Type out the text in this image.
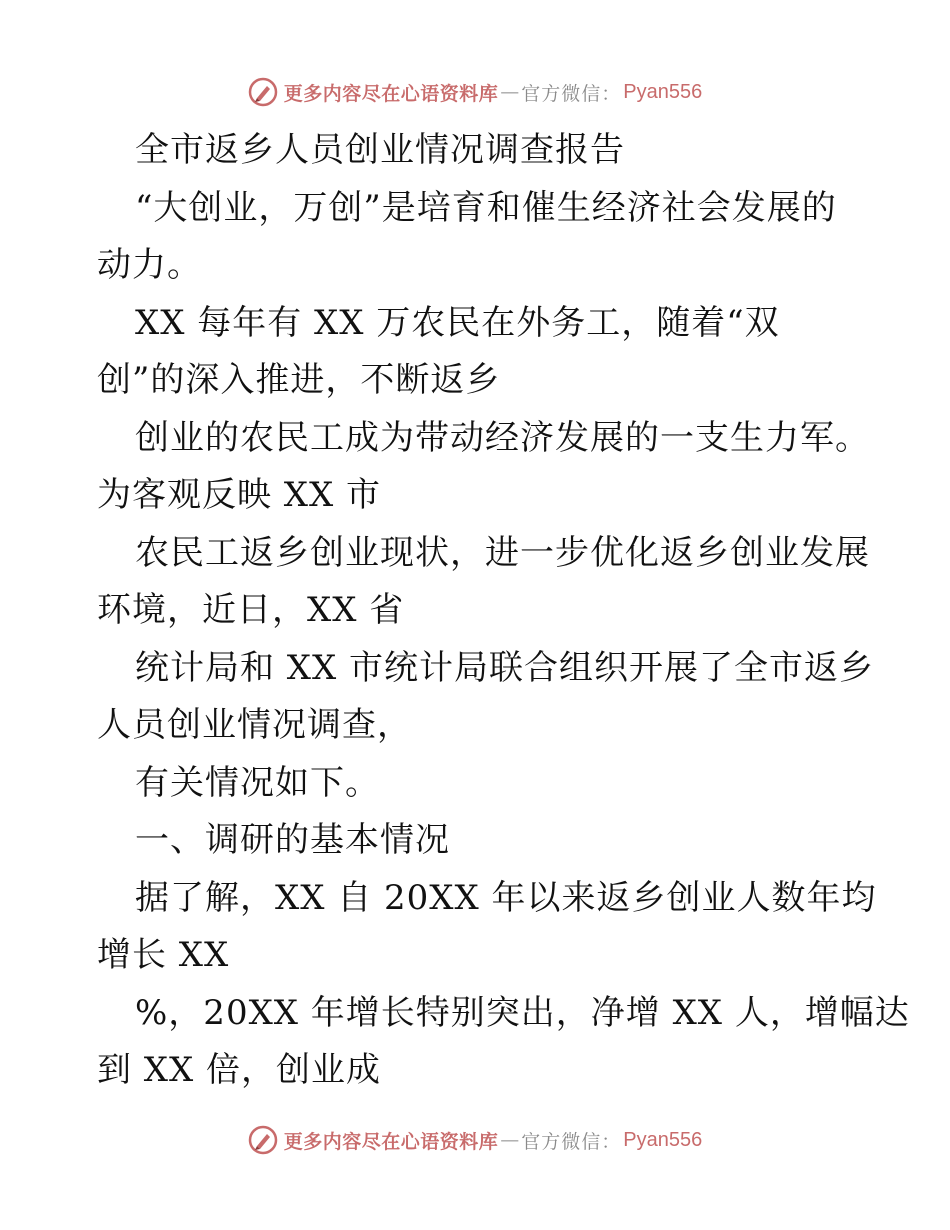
更多内容尽在心语资料库 — 官方微信： Pyan556
全市返乡人员创业情况调查报告
“大创业，万创”是培育和催生经济社会发展的
动力。
XX 每年有 XX 万农民在外务工，随着“双
创”的深入推进，不断返乡
创业的农民工成为带动经济发展的一支生力军。
为客观反映 XX 市
农民工返乡创业现状，进一步优化返乡创业发展
环境，近日，XX 省
统计局和 XX 市统计局联合组织开展了全市返乡
人员创业情况调查，
有关情况如下。
一、调研的基本情况
据了解，XX 自 20XX 年以来返乡创业人数年均
增长 XX
%，20XX 年增长特别突出，净增 XX 人，增幅达
到 XX 倍，创业成
更多内容尽在心语资料库 — 官方微信： Pyan556
